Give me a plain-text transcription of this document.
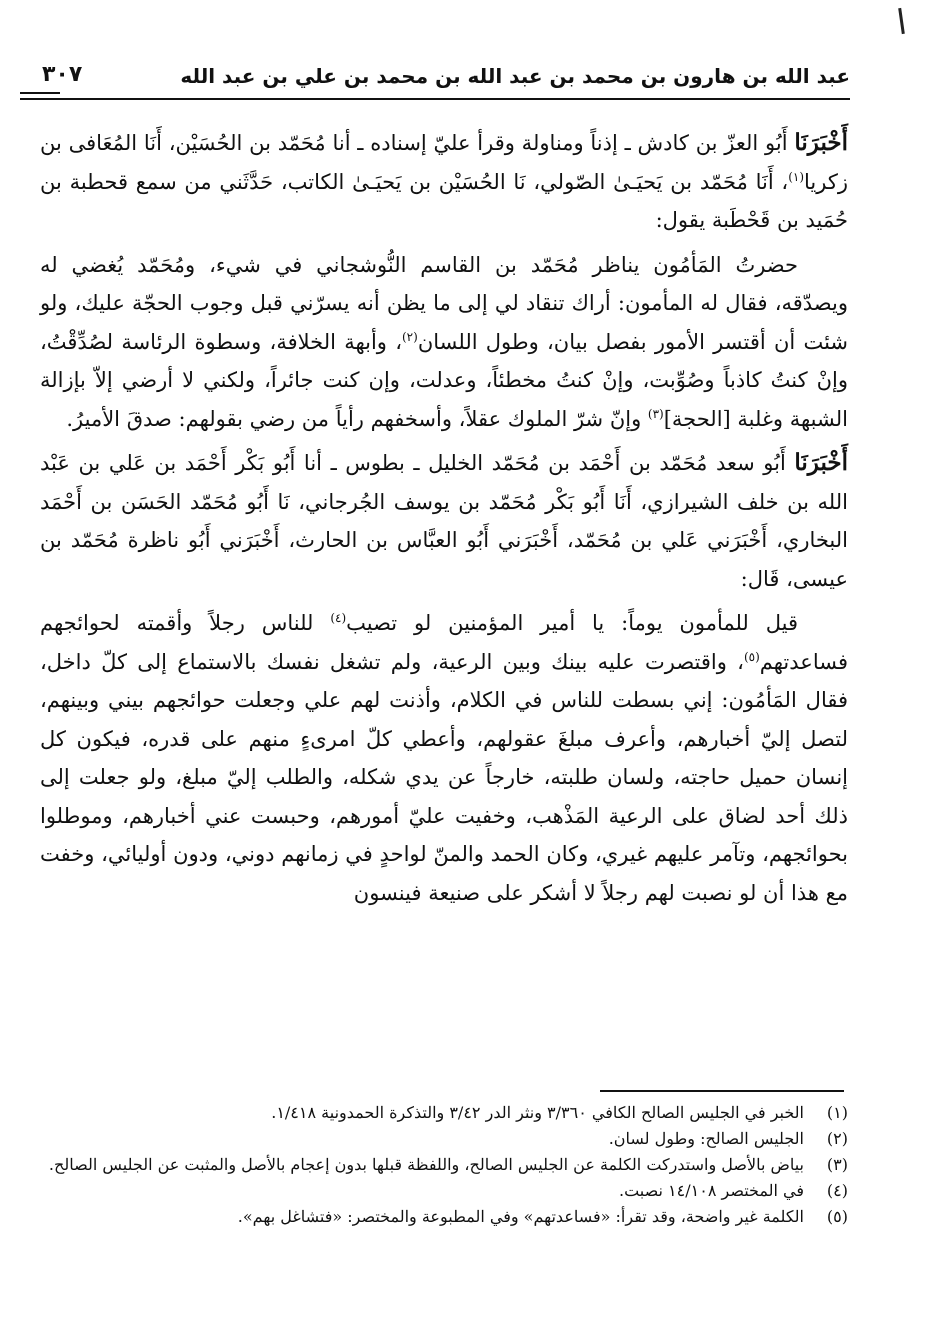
عبد الله بن هارون بن محمد بن عبد الله بن محمد بن علي بن عبد الله
٣٠٧

أَخْبَرَنَا أَبُو العزّ بن كادش ـ إذناً ومناولة وقرأ عليّ إسناده ـ أنا مُحَمّد بن الحُسَيْن، أَنَا المُعَافى بن زكريا$^{(١)}$، أَنَا مُحَمّد بن يَحيَـىٰ الصّولي، نَا الحُسَيْن بن يَحيَـىٰ الكاتب، حَدَّثَني من سمع قحطبة بن حُمَيد بن قَحْطَبة يقول:

حضرتُ المَأمُون يناظر مُحَمّد بن القاسم النُّوشجاني في شيء، ومُحَمّد يُغضي له ويصدّقه، فقال له المأمون: أراك تنقاد لي إلى ما يظن أنه يسرّني قبل وجوب الحجّة عليك، ولو شئت أن أقتسر الأمور بفصل بيان، وطول اللسان$^{(٢)}$، وأبهة الخلافة، وسطوة الرئاسة لصُدِّقْتُ، وإنْ كنتُ كاذباً وصُوِّبت، وإنْ كنتُ مخطئاً، وعدلت، وإن كنت جائراً، ولكني لا أرضي إلاّ بإزالة الشبهة وغلبة [الحجة]$^{(٣)}$ وإنّ شرّ الملوك عقلاً، وأسخفهم رأياً من رضي بقولهم: صدقَ الأميرُ.

أَخْبَرَنَا أَبُو سعد مُحَمّد بن أَحْمَد بن مُحَمّد الخليل ـ بطوس ـ أنا أَبُو بَكْر أَحْمَد بن عَلي بن عَبْد الله بن خلف الشيرازي، أَنَا أَبُو بَكْر مُحَمّد بن يوسف الجُرجاني، نَا أَبُو مُحَمّد الحَسَن بن أَحْمَد البخاري، أَخْبَرَني عَلي بن مُحَمّد، أَخْبَرَني أَبُو العبَّاس بن الحارث، أَخْبَرَني أَبُو ناظرة مُحَمّد بن عيسى، قَال:

قيل للمأمون يوماً: يا أمير المؤمنين لو تصيب$^{(٤)}$ للناس رجلاً وأقمته لحوائجهم فساعدتهم$^{(٥)}$، واقتصرت عليه بينك وبين الرعية، ولم تشغل نفسك بالاستماع إلى كلّ داخل، فقال المَأمُون: إني بسطت للناس في الكلام، وأذنت لهم علي وجعلت حوائجهم بيني وبينهم، لتصل إليّ أخبارهم، وأعرف مبلغَ عقولهم، وأعطي كلّ امرىءٍ منهم على قدره، فيكون كل إنسان حميل حاجته، ولسان طلبته، خارجاً عن يدي شكله، والطلب إليّ مبلغ، ولو جعلت إلى ذلك أحد لضاق على الرعية المَذْهب، وخفيت عليّ أمورهم، وحبست عني أخبارهم، وموطلوا بحوائجهم، وتآمر عليهم غيري، وكان الحمد والمنّ لواحدٍ في زمانهم دوني، ودون أوليائي، وخفت مع هذا أن لو نصبت لهم رجلاً لا أشكر على صنيعة فينسون

(١)
الخبر في الجليس الصالح الكافي ٣/٣٦٠ ونثر الدر ٣/٤٢ والتذكرة الحمدونية ١/٤١٨.
(٢)
الجليس الصالح: وطول لسان.
(٣)
بياض بالأصل واستدركت الكلمة عن الجليس الصالح، واللفظة قبلها بدون إعجام بالأصل والمثبت عن الجليس الصالح.
(٤)
في المختصر ١٤/١٠٨ نصبت.
(٥)
الكلمة غير واضحة، وقد تقرأ: «فساعدتهم» وفي المطبوعة والمختصر: «فتشاغل بهم».
